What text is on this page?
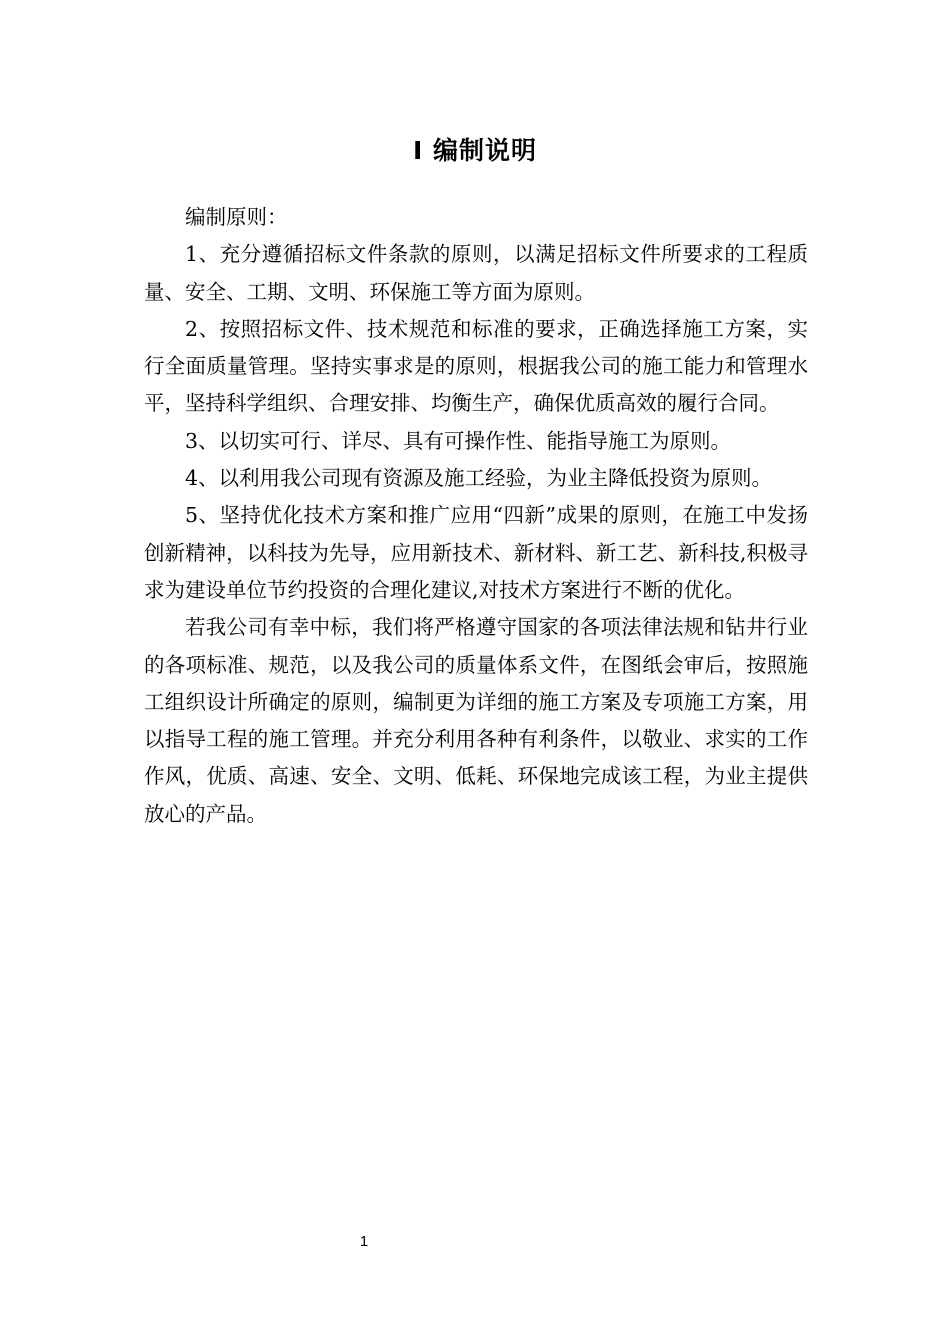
I 编制说明

编制原则：

1、充分遵循招标文件条款的原则，以满足招标文件所要求的工程质量、安全、工期、文明、环保施工等方面为原则。

2、按照招标文件、技术规范和标准的要求，正确选择施工方案，实行全面质量管理。坚持实事求是的原则，根据我公司的施工能力和管理水平，坚持科学组织、合理安排、均衡生产，确保优质高效的履行合同。

3、以切实可行、详尽、具有可操作性、能指导施工为原则。

4、以利用我公司现有资源及施工经验，为业主降低投资为原则。

5、坚持优化技术方案和推广应用“四新”成果的原则，在施工中发扬创新精神，以科技为先导，应用新技术、新材料、新工艺、新科技,积极寻求为建设单位节约投资的合理化建议,对技术方案进行不断的优化。

若我公司有幸中标，我们将严格遵守国家的各项法律法规和钻井行业的各项标准、规范，以及我公司的质量体系文件，在图纸会审后，按照施工组织设计所确定的原则，编制更为详细的施工方案及专项施工方案，用以指导工程的施工管理。并充分利用各种有利条件，以敬业、求实的工作作风，优质、高速、安全、文明、低耗、环保地完成该工程，为业主提供放心的产品。

1
